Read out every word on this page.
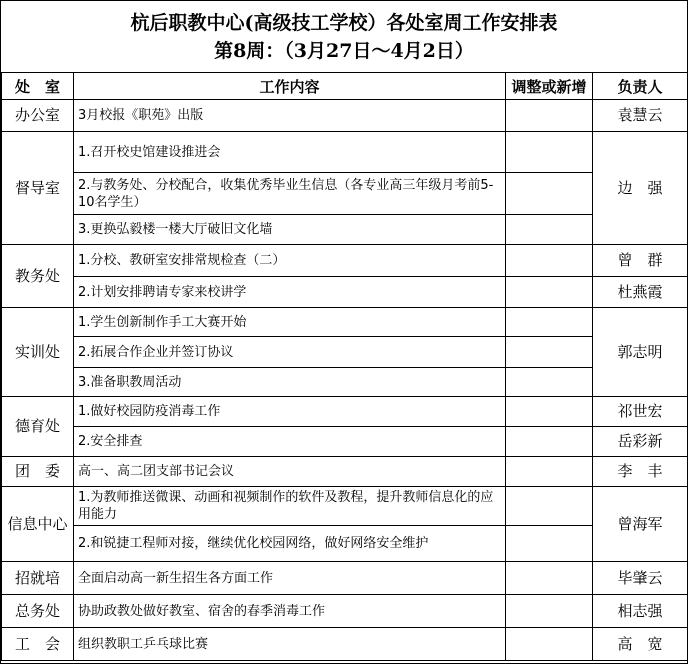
杭后职教中心(高级技工学校）各处室周工作安排表
第8周：（3月27日～4月2日）
处　室	工作内容	调整或新增	负责人
办公室	3月校报《职苑》出版		袁慧云
督导室	1.召开校史馆建设推进会		边　强
	2.与教务处、分校配合，收集优秀毕业生信息（各专业高三年级月考前5-10名学生）		
	3.更换弘毅楼一楼大厅破旧文化墙		
教务处	1.分校、教研室安排常规检查（二）		曾　群
	2.计划安排聘请专家来校讲学		杜燕霞
实训处	1.学生创新制作手工大赛开始		郭志明
	2.拓展合作企业并签订协议		
	3.准备职教周活动		
德育处	1.做好校园防疫消毒工作		祁世宏
	2.安全排查		岳彩新
团　委	高一、高二团支部书记会议		李　丰
信息中心	1.为教师推送微课、动画和视频制作的软件及教程，提升教师信息化的应用能力		曾海军
	2.和锐捷工程师对接，继续优化校园网络，做好网络安全维护		
招就培	全面启动高一新生招生各方面工作		毕肇云
总务处	协助政教处做好教室、宿舍的春季消毒工作		相志强
工　会	组织教职工乒乓球比赛		高　宽
